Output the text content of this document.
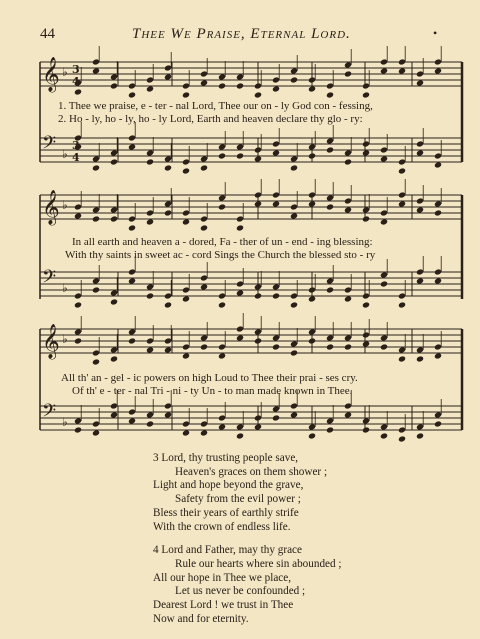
44	Thee We Praise, Eternal Lord.	•
𝄞 ♭
𝄢 ♭
𝄞 ♭
𝄢 ♭
𝄞 ♭
𝄢 ♭
3
4
3
4
1. Thee we praise, e - ter - nal Lord, Thee our on - ly God con - fessing,
2. Ho - ly, ho - ly, ho - ly Lord, Earth and heaven declare thy glo - ry:
In all earth and heaven a - dored, Fa - ther of un - end - ing blessing:
With thy saints in sweet ac - cord Sings the Church the blessed sto - ry
All th' an - gel - ic powers on high Loud to Thee their prai - ses cry.
Of th' e - ter - nal Tri - ni - ty Un - to man made known in Thee.
3 Lord, thy trusting people save,
Heaven's graces on them shower ;
Light and hope beyond the grave,
Safety from the evil power ;
Bless their years of earthly strife
With the crown of endless life.
4 Lord and Father, may thy grace
Rule our hearts where sin abounded ;
All our hope in Thee we place,
Let us never be confounded ;
Dearest Lord ! we trust in Thee
Now and for eternity.
